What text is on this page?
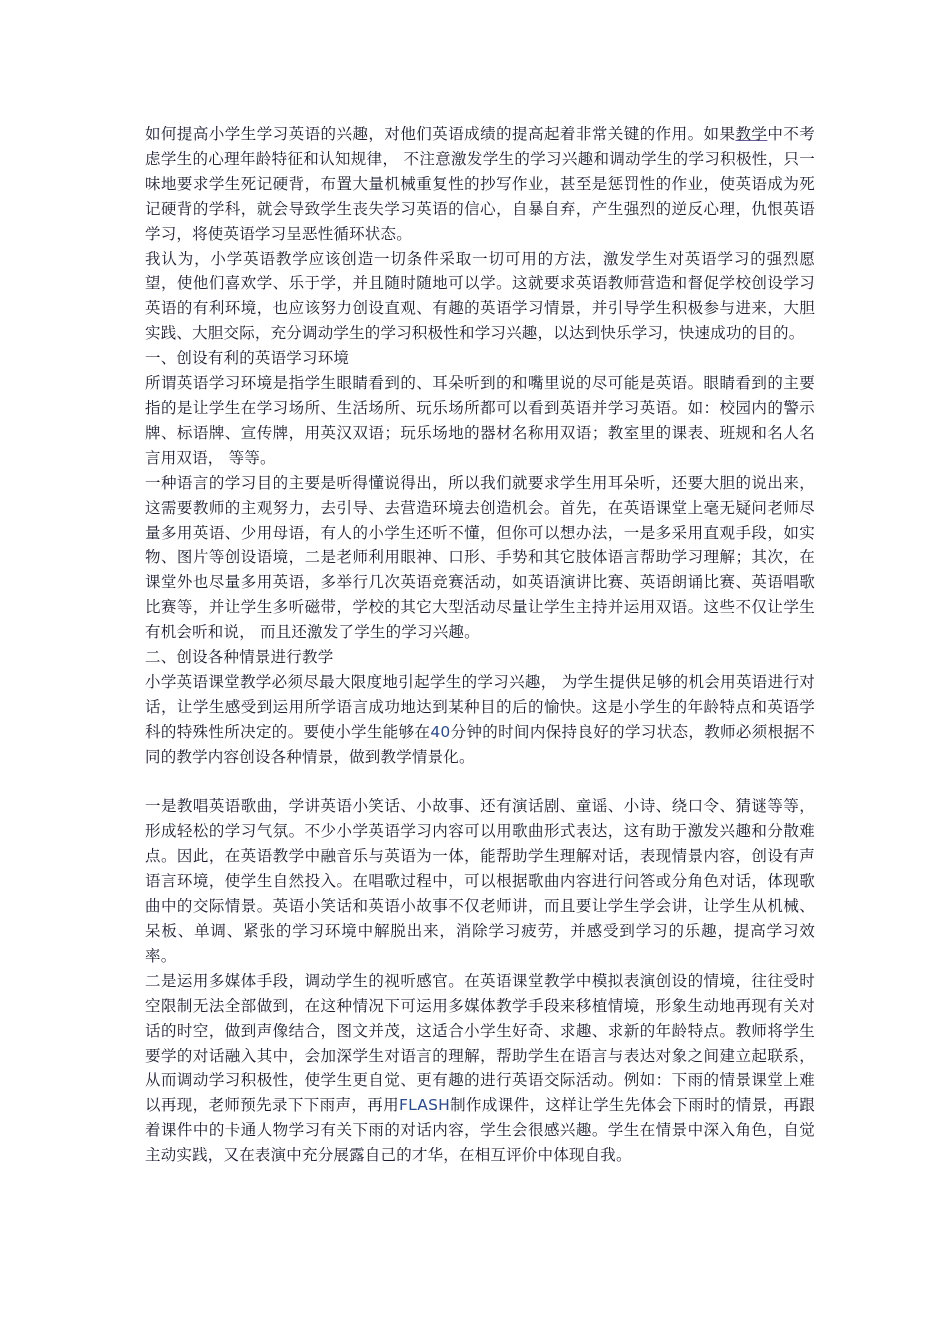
如何提高小学生学习英语的兴趣，对他们英语成绩的提高起着非常关键的作用。如果教学中不考虑学生的心理年龄特征和认知规律， 不注意激发学生的学习兴趣和调动学生的学习积极性，只一味地要求学生死记硬背，布置大量机械重复性的抄写作业，甚至是惩罚性的作业，使英语成为死记硬背的学科，就会导致学生丧失学习英语的信心，自暴自弃，产生强烈的逆反心理，仇恨英语学习，将使英语学习呈恶性循环状态。

我认为，小学英语教学应该创造一切条件采取一切可用的方法，激发学生对英语学习的强烈愿望，使他们喜欢学、乐于学，并且随时随地可以学。这就要求英语教师营造和督促学校创设学习英语的有利环境，也应该努力创设直观、有趣的英语学习情景，并引导学生积极参与进来，大胆实践、大胆交际，充分调动学生的学习积极性和学习兴趣，以达到快乐学习，快速成功的目的。

一、创设有利的英语学习环境

所谓英语学习环境是指学生眼睛看到的、耳朵听到的和嘴里说的尽可能是英语。眼睛看到的主要指的是让学生在学习场所、生活场所、玩乐场所都可以看到英语并学习英语。如：校园内的警示牌、标语牌、宣传牌，用英汉双语；玩乐场地的器材名称用双语；教室里的课表、班规和名人名言用双语， 等等。

一种语言的学习目的主要是听得懂说得出，所以我们就要求学生用耳朵听，还要大胆的说出来，这需要教师的主观努力，去引导、去营造环境去创造机会。首先，在英语课堂上毫无疑问老师尽量多用英语、少用母语，有人的小学生还听不懂，但你可以想办法，一是多采用直观手段，如实物、图片等创设语境，二是老师利用眼神、口形、手势和其它肢体语言帮助学习理解；其次，在课堂外也尽量多用英语，多举行几次英语竞赛活动，如英语演讲比赛、英语朗诵比赛、英语唱歌比赛等，并让学生多听磁带，学校的其它大型活动尽量让学生主持并运用双语。这些不仅让学生有机会听和说， 而且还激发了学生的学习兴趣。

二、创设各种情景进行教学

小学英语课堂教学必须尽最大限度地引起学生的学习兴趣， 为学生提供足够的机会用英语进行对话，让学生感受到运用所学语言成功地达到某种目的后的愉快。这是小学生的年龄特点和英语学科的特殊性所决定的。要使小学生能够在40分钟的时间内保持良好的学习状态，教师必须根据不同的教学内容创设各种情景，做到教学情景化。

一是教唱英语歌曲，学讲英语小笑话、小故事、还有演话剧、童谣、小诗、绕口令、猜谜等等，形成轻松的学习气氛。不少小学英语学习内容可以用歌曲形式表达，这有助于激发兴趣和分散难点。因此，在英语教学中融音乐与英语为一体，能帮助学生理解对话，表现情景内容，创设有声语言环境，使学生自然投入。在唱歌过程中，可以根据歌曲内容进行问答或分角色对话，体现歌曲中的交际情景。英语小笑话和英语小故事不仅老师讲，而且要让学生学会讲，让学生从机械、呆板、单调、紧张的学习环境中解脱出来，消除学习疲劳，并感受到学习的乐趣，提高学习效率。

二是运用多媒体手段，调动学生的视听感官。在英语课堂教学中模拟表演创设的情境，往往受时空限制无法全部做到，在这种情况下可运用多媒体教学手段来移植情境，形象生动地再现有关对话的时空，做到声像结合，图文并茂，这适合小学生好奇、求趣、求新的年龄特点。教师将学生要学的对话融入其中，会加深学生对语言的理解，帮助学生在语言与表达对象之间建立起联系，从而调动学习积极性，使学生更自觉、更有趣的进行英语交际活动。例如：下雨的情景课堂上难以再现，老师预先录下下雨声，再用FLASH制作成课件，这样让学生先体会下雨时的情景，再跟着课件中的卡通人物学习有关下雨的对话内容，学生会很感兴趣。学生在情景中深入角色，自觉主动实践，又在表演中充分展露自己的才华，在相互评价中体现自我。
